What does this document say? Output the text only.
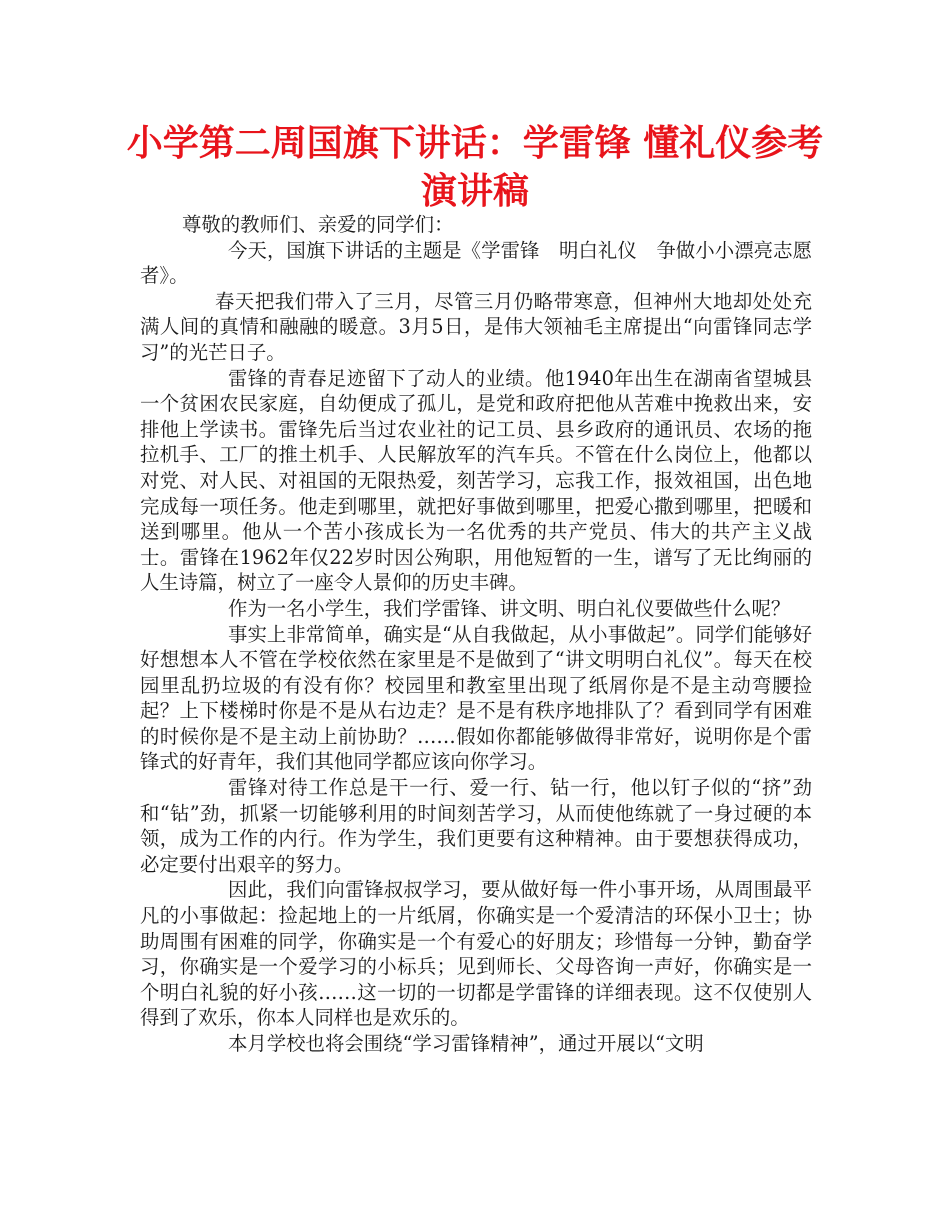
小学第二周国旗下讲话：学雷锋 懂礼仪参考演讲稿

尊敬的教师们、亲爱的同学们：

今天，国旗下讲话的主题是《学雷锋　明白礼仪　争做小小漂亮志愿者》。

春天把我们带入了三月，尽管三月仍略带寒意，但神州大地却处处充满人间的真情和融融的暖意。3月5日，是伟大领袖毛主席提出“向雷锋同志学习”的光芒日子。

雷锋的青春足迹留下了动人的业绩。他1940年出生在湖南省望城县一个贫困农民家庭，自幼便成了孤儿，是党和政府把他从苦难中挽救出来，安排他上学读书。雷锋先后当过农业社的记工员、县乡政府的通讯员、农场的拖拉机手、工厂的推土机手、人民解放军的汽车兵。不管在什么岗位上，他都以对党、对人民、对祖国的无限热爱，刻苦学习，忘我工作，报效祖国，出色地完成每一项任务。他走到哪里，就把好事做到哪里，把爱心撒到哪里，把暖和送到哪里。他从一个苦小孩成长为一名优秀的共产党员、伟大的共产主义战士。雷锋在1962年仅22岁时因公殉职，用他短暂的一生，谱写了无比绚丽的人生诗篇，树立了一座令人景仰的历史丰碑。

作为一名小学生，我们学雷锋、讲文明、明白礼仪要做些什么呢？

事实上非常简单，确实是“从自我做起，从小事做起”。同学们能够好好想想本人不管在学校依然在家里是不是做到了“讲文明明白礼仪”。每天在校园里乱扔垃圾的有没有你？校园里和教室里出现了纸屑你是不是主动弯腰捡起？上下楼梯时你是不是从右边走？是不是有秩序地排队了？看到同学有困难的时候你是不是主动上前协助？……假如你都能够做得非常好，说明你是个雷锋式的好青年，我们其他同学都应该向你学习。

雷锋对待工作总是干一行、爱一行、钻一行，他以钉子似的“挤”劲和“钻”劲，抓紧一切能够利用的时间刻苦学习，从而使他练就了一身过硬的本领，成为工作的内行。作为学生，我们更要有这种精神。由于要想获得成功，必定要付出艰辛的努力。

因此，我们向雷锋叔叔学习，要从做好每一件小事开场，从周围最平凡的小事做起：捡起地上的一片纸屑，你确实是一个爱清洁的环保小卫士；协助周围有困难的同学，你确实是一个有爱心的好朋友；珍惜每一分钟，勤奋学习，你确实是一个爱学习的小标兵；见到师长、父母咨询一声好，你确实是一个明白礼貌的好小孩……这一切的一切都是学雷锋的详细表现。这不仅使别人得到了欢乐，你本人同样也是欢乐的。

本月学校也将会围绕“学习雷锋精神”，通过开展以“文明
